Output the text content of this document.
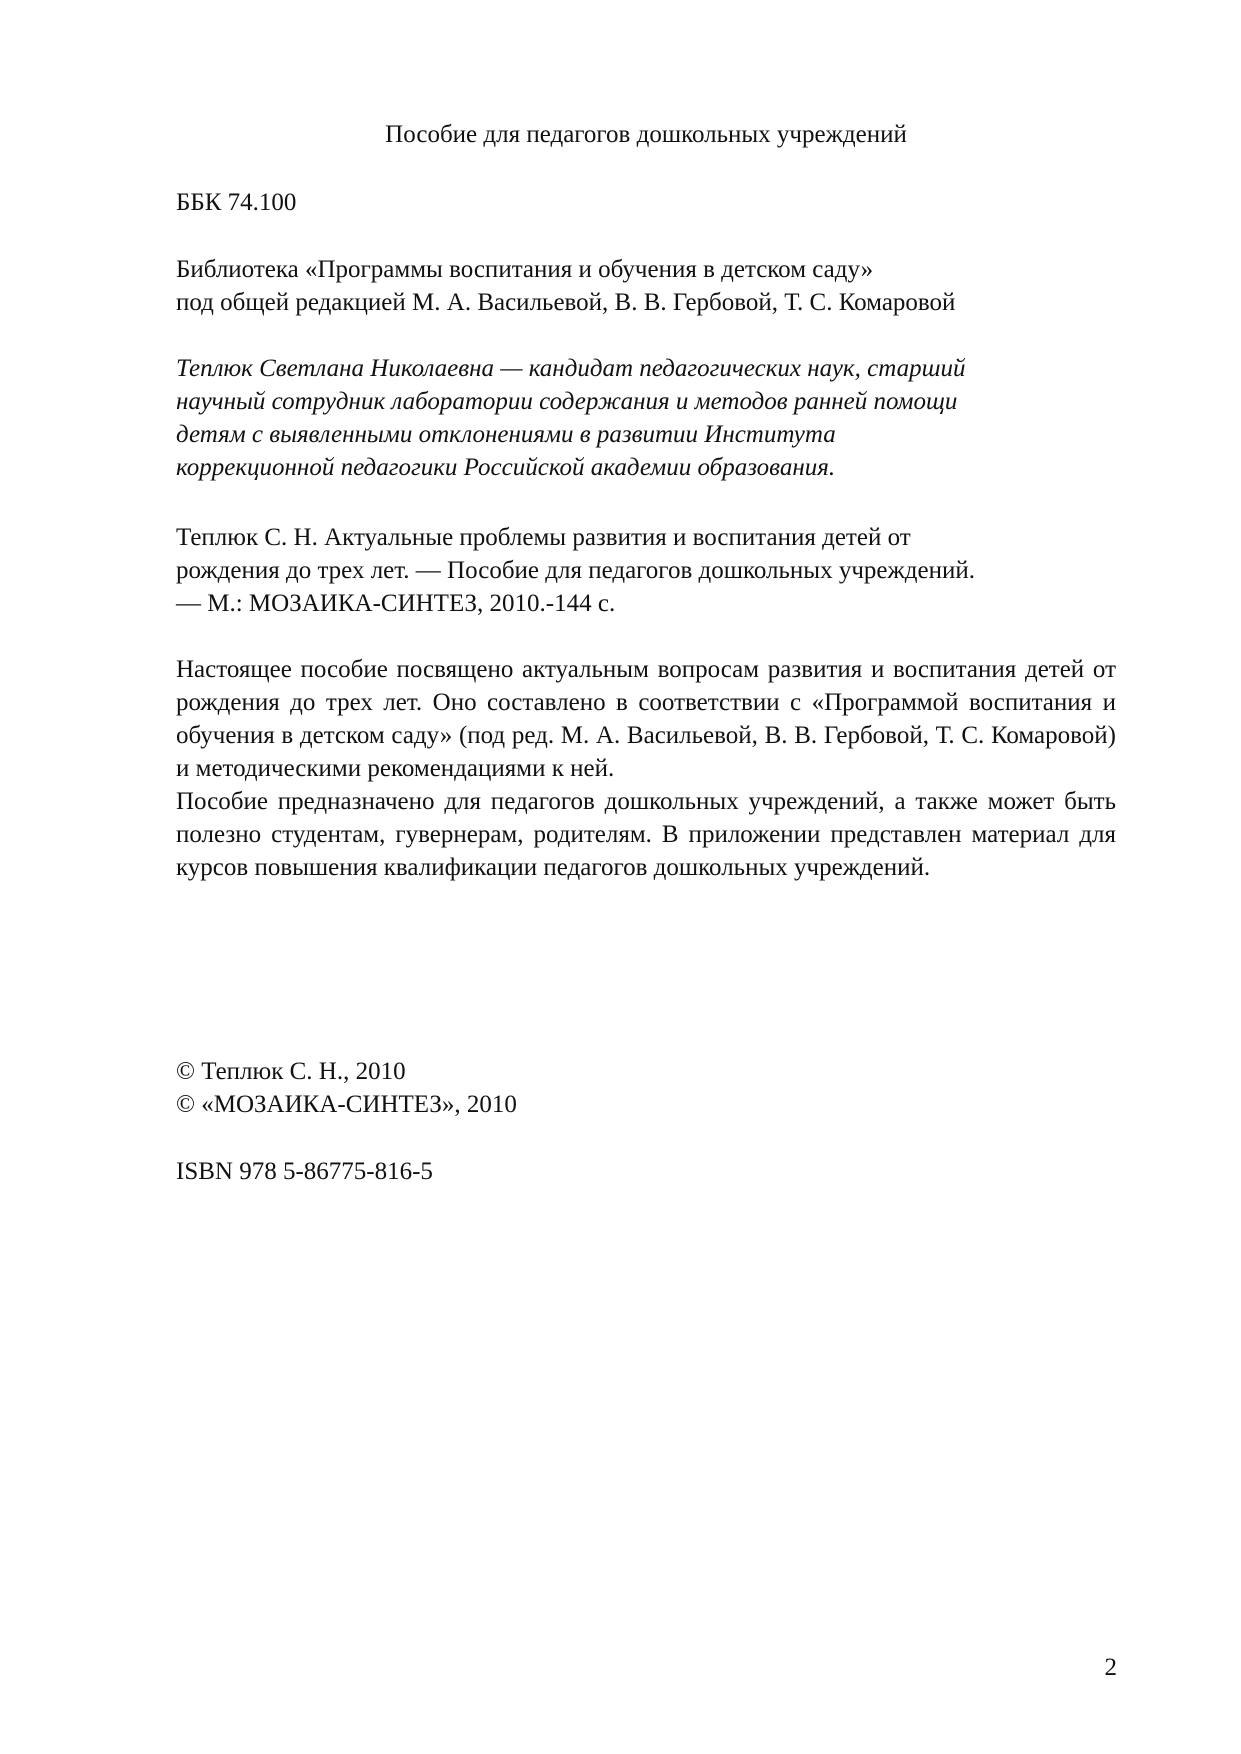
Пособие для педагогов дошкольных учреждений
ББК 74.100
Библиотека «Программы воспитания и обучения в детском саду»
под общей редакцией М. А. Васильевой, В. В. Гербовой, Т. С. Комаровой
Теплюк Светлана Николаевна — кандидат педагогических наук, старший
научный сотрудник лаборатории содержания и методов ранней помощи
детям с выявленными отклонениями в развитии Института
коррекционной педагогики Российской академии образования.
Теплюк С. Н. Актуальные проблемы развития и воспитания детей от
рождения до трех лет. — Пособие для педагогов дошкольных учреждений.
— М.: МОЗАИКА-СИНТЕЗ, 2010.-144 с.
Настоящее пособие посвящено актуальным вопросам развития и воспитания детей от рождения до трех лет. Оно составлено в соответствии с «Программой воспитания и обучения в детском саду» (под ред. М. А. Васильевой, В. В. Гербовой, Т. С. Комаровой) и методическими рекомендациями к ней.
Пособие предназначено для педагогов дошкольных учреждений, а также может быть полезно студентам, гувернерам, родителям. В приложении представлен материал для курсов повышения квалификации педагогов дошкольных учреждений.
© Теплюк С. Н., 2010
© «МОЗАИКА-СИНТЕЗ», 2010
ISBN 978 5-86775-816-5
2
